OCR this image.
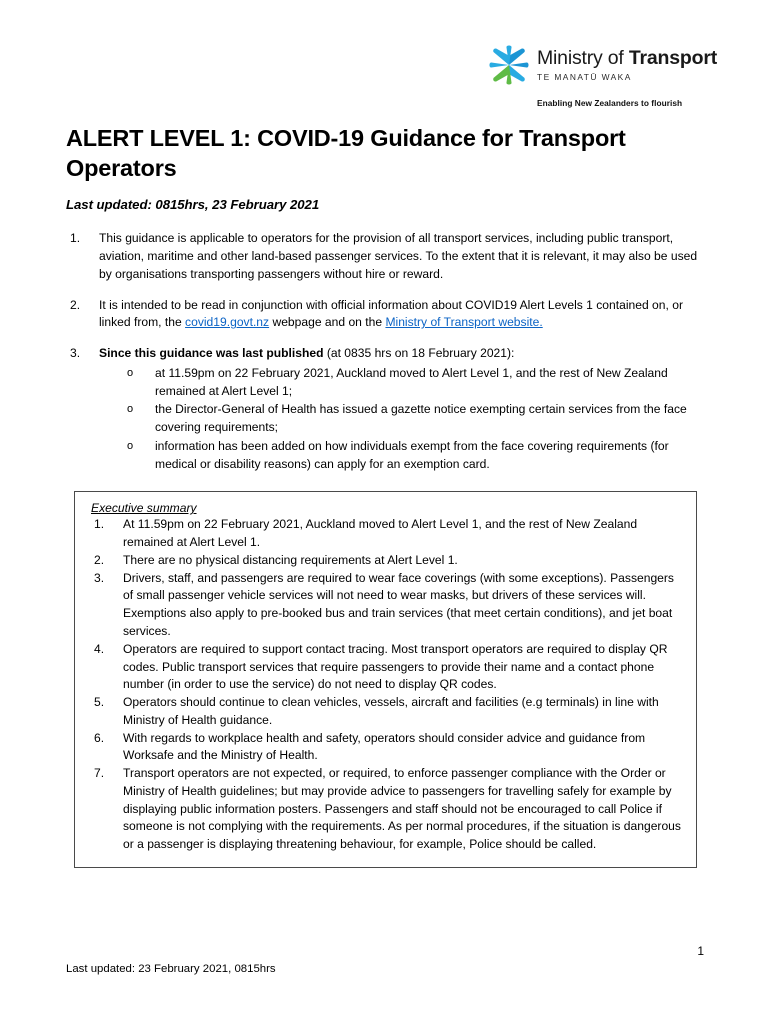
Ministry of Transport
TE MANATŪ WAKA
Enabling New Zealanders to flourish
ALERT LEVEL 1: COVID-19 Guidance for Transport Operators
Last updated: 0815hrs, 23 February 2021
1.	This guidance is applicable to operators for the provision of all transport services, including public transport, aviation, maritime and other land-based passenger services. To the extent that it is relevant, it may also be used by organisations transporting passengers without hire or reward.
2.	It is intended to be read in conjunction with official information about COVID19 Alert Levels 1 contained on, or linked from, the covid19.govt.nz webpage and on the Ministry of Transport website.
3.	Since this guidance was last published (at 0835 hrs on 18 February 2021):
o at 11.59pm on 22 February 2021, Auckland moved to Alert Level 1, and the rest of New Zealand remained at Alert Level 1;
o the Director-General of Health has issued a gazette notice exempting certain services from the face covering requirements;
o information has been added on how individuals exempt from the face covering requirements (for medical or disability reasons) can apply for an exemption card.
Executive summary
1.	At 11.59pm on 22 February 2021, Auckland moved to Alert Level 1, and the rest of New Zealand remained at Alert Level 1.
2.	There are no physical distancing requirements at Alert Level 1.
3.	Drivers, staff, and passengers are required to wear face coverings (with some exceptions). Passengers of small passenger vehicle services will not need to wear masks, but drivers of these services will. Exemptions also apply to pre-booked bus and train services (that meet certain conditions), and jet boat services.
4.	Operators are required to support contact tracing. Most transport operators are required to display QR codes. Public transport services that require passengers to provide their name and a contact phone number (in order to use the service) do not need to display QR codes.
5.	Operators should continue to clean vehicles, vessels, aircraft and facilities (e.g terminals) in line with Ministry of Health guidance.
6.	With regards to workplace health and safety, operators should consider advice and guidance from Worksafe and the Ministry of Health.
7.	Transport operators are not expected, or required, to enforce passenger compliance with the Order or Ministry of Health guidelines; but may provide advice to passengers for travelling safely for example by displaying public information posters. Passengers and staff should not be encouraged to call Police if someone is not complying with the requirements. As per normal procedures, if the situation is dangerous or a passenger is displaying threatening behaviour, for example, Police should be called.
1
Last updated: 23 February 2021, 0815hrs
